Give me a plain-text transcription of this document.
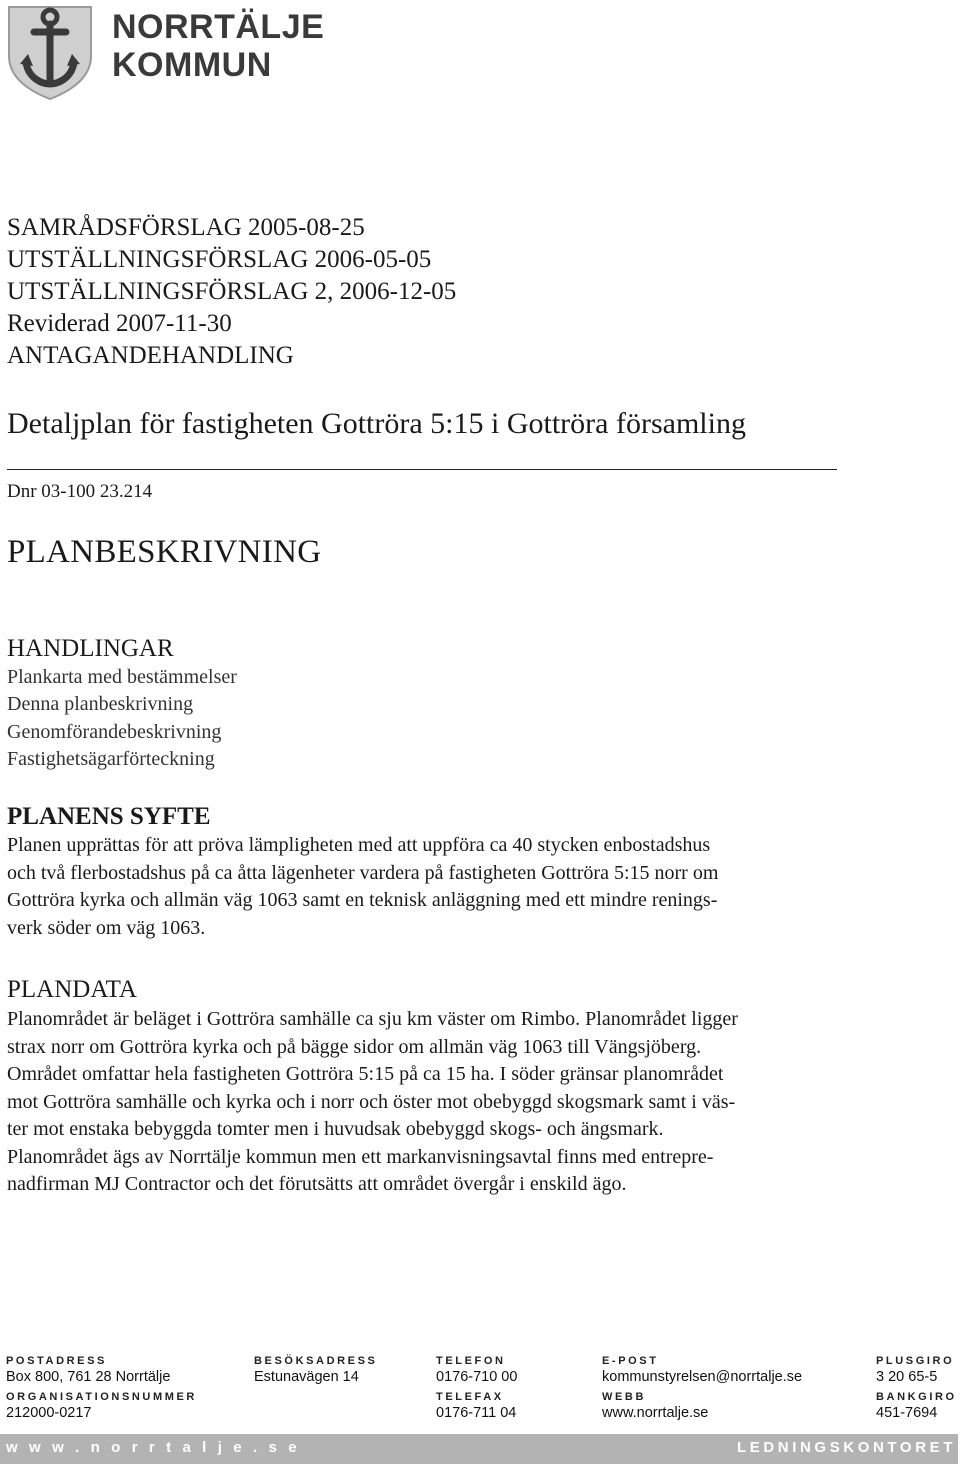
NORRTÄLJE
KOMMUN
SAMRÅDSFÖRSLAG 2005-08-25
UTSTÄLLNINGSFÖRSLAG 2006-05-05
UTSTÄLLNINGSFÖRSLAG 2, 2006-12-05
Reviderad 2007-11-30
ANTAGANDEHANDLING
Detaljplan för fastigheten Gottröra 5:15 i Gottröra församling
Dnr 03-100 23.214
PLANBESKRIVNING
HANDLINGAR
Plankarta med bestämmelser
Denna planbeskrivning
Genomförandebeskrivning
Fastighetsägarförteckning
PLANENS SYFTE
Planen upprättas för att pröva lämpligheten med att uppföra ca 40 stycken enbostadshus
och två flerbostadshus på ca åtta lägenheter vardera på fastigheten Gottröra 5:15 norr om
Gottröra kyrka och allmän väg 1063 samt en teknisk anläggning med ett mindre renings-
verk söder om väg 1063.
PLANDATA
Planområdet är beläget i Gottröra samhälle ca sju km väster om Rimbo. Planområdet ligger
strax norr om Gottröra kyrka och på bägge sidor om allmän väg 1063 till Vängsjöberg.
Området omfattar hela fastigheten Gottröra 5:15 på ca 15 ha. I söder gränsar planområdet
mot Gottröra samhälle och kyrka och i norr och öster mot obebyggd skogsmark samt i väs-
ter mot enstaka bebyggda tomter men i huvudsak obebyggd skogs- och ängsmark.
Planområdet ägs av Norrtälje kommun men ett markanvisningsavtal finns med entrepre-
nadfirman MJ Contractor och det förutsätts att området övergår i enskild ägo.
POSTADRESS
Box 800, 761 28 Norrtälje
BESÖKSADRESS
Estunavägen 14
TELEFON
0176-710 00
E-POST
kommunstyrelsen@norrtalje.se
PLUSGIRO
3 20 65-5
ORGANISATIONSNUMMER
212000-0217
TELEFAX
0176-711 04
WEBB
www.norrtalje.se
BANKGIRO
451-7694
w w w . n o r r t a l j e . s e	LEDNINGSKONTORET
